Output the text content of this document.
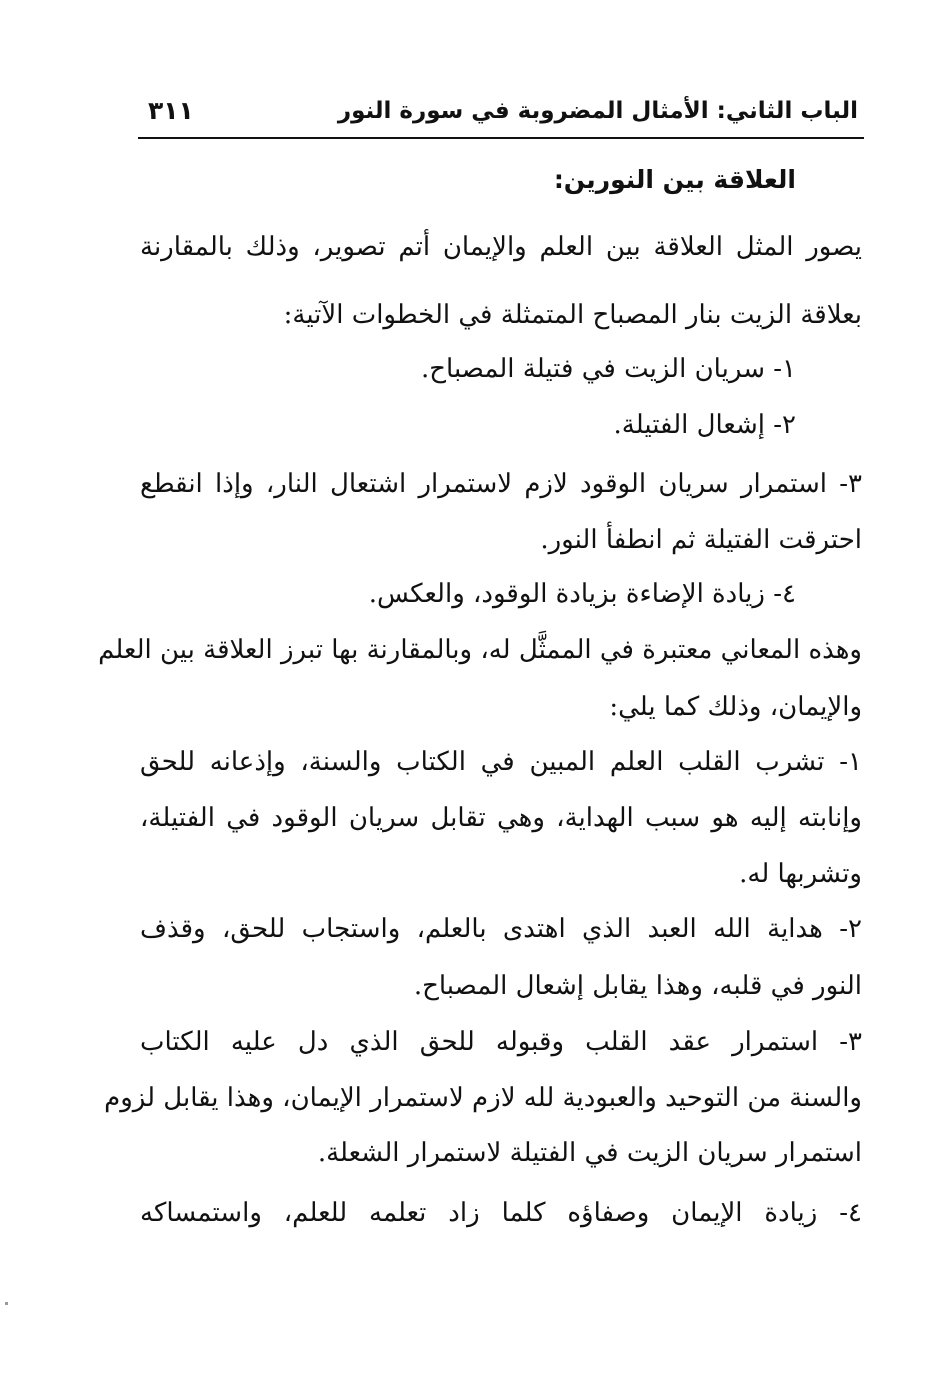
الباب الثاني: الأمثال المضروبة في سورة النور
٣١١
العلاقة بين النورين:
يصور المثل العلاقة بين العلم والإيمان أتم تصوير، وذلك بالمقارنة
بعلاقة الزيت بنار المصباح المتمثلة في الخطوات الآتية:
١- سريان الزيت في فتيلة المصباح.
٢- إشعال الفتيلة.
٣- استمرار سريان الوقود لازم لاستمرار اشتعال النار، وإذا انقطع
احترقت الفتيلة ثم انطفأ النور.
٤- زيادة الإضاءة بزيادة الوقود، والعكس.
وهذه المعاني معتبرة في الممثَّل له، وبالمقارنة بها تبرز العلاقة بين العلم
والإيمان، وذلك كما يلي:
١- تشرب القلب العلم المبين في الكتاب والسنة، وإذعانه للحق
وإنابته إليه هو سبب الهداية، وهي تقابل سريان الوقود في الفتيلة،
وتشربها له.
٢- هداية الله العبد الذي اهتدى بالعلم، واستجاب للحق، وقذف
النور في قلبه، وهذا يقابل إشعال المصباح.
٣- استمرار عقد القلب وقبوله للحق الذي دل عليه الكتاب
والسنة من التوحيد والعبودية لله لازم لاستمرار الإيمان، وهذا يقابل لزوم
استمرار سريان الزيت في الفتيلة لاستمرار الشعلة.
٤- زيادة الإيمان وصفاؤه كلما زاد تعلمه للعلم، واستمساكه
